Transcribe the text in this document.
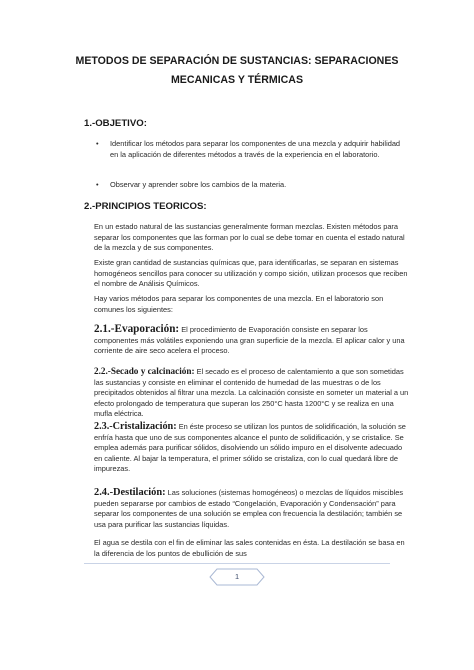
METODOS DE SEPARACIÓN DE SUSTANCIAS: SEPARACIONES
MECANICAS Y TÉRMICAS
1.-OBJETIVO:
• Identificar los métodos para separar los componentes de una mezcla y adquirir habilidad en la aplicación de diferentes métodos a través de la experiencia en el laboratorio.
• Observar y aprender sobre los cambios de la materia.
2.-PRINCIPIOS TEORICOS:
En un estado natural de las sustancias generalmente forman mezclas. Existen métodos para separar los componentes que las forman por lo cual se debe tomar en cuenta el estado natural de la mezcla y de sus componentes.
Existe gran cantidad de sustancias químicas que, para identificarlas, se separan en sistemas homogéneos sencillos para conocer su utilización y compo sición, utilizan procesos que reciben el nombre de Análisis Químicos.
Hay varios métodos para separar los componentes de una mezcla. En el laboratorio son comunes los siguientes:
2.1.-Evaporación: El procedimiento de Evaporación consiste en separar los componentes más volátiles exponiendo una gran superficie de la mezcla. El aplicar calor y una corriente de aire seco acelera el proceso.
2.2.-Secado y calcinación: El secado es el proceso de calentamiento a que son sometidas las sustancias y consiste en eliminar el contenido de humedad de las muestras o de los precipitados obtenidos al filtrar una mezcla. La calcinación consiste en someter un material a un efecto prolongado de temperatura que superan los 250°C hasta 1200°C y se realiza en una mufla eléctrica.
2.3.-Cristalización: En éste proceso se utilizan los puntos de solidificación, la solución se enfría hasta que uno de sus componentes alcance el punto de solidificación, y se cristalice. Se emplea además para purificar sólidos, disolviendo un sólido impuro en el disolvente adecuado en caliente. Al bajar la temperatura, el primer sólido se cristaliza, con lo cual quedará libre de impurezas.
2.4.-Destilación: Las soluciones (sistemas homogéneos) o mezclas de líquidos miscibles pueden separarse por cambios de estado “Congelación, Evaporación y Condensación” para separar los componentes de una solución se emplea con frecuencia la destilación; también se usa para purificar las sustancias líquidas.
El agua se destila con el fin de eliminar las sales contenidas en ésta. La destilación se basa en la diferencia de los puntos de ebullición de sus
1
